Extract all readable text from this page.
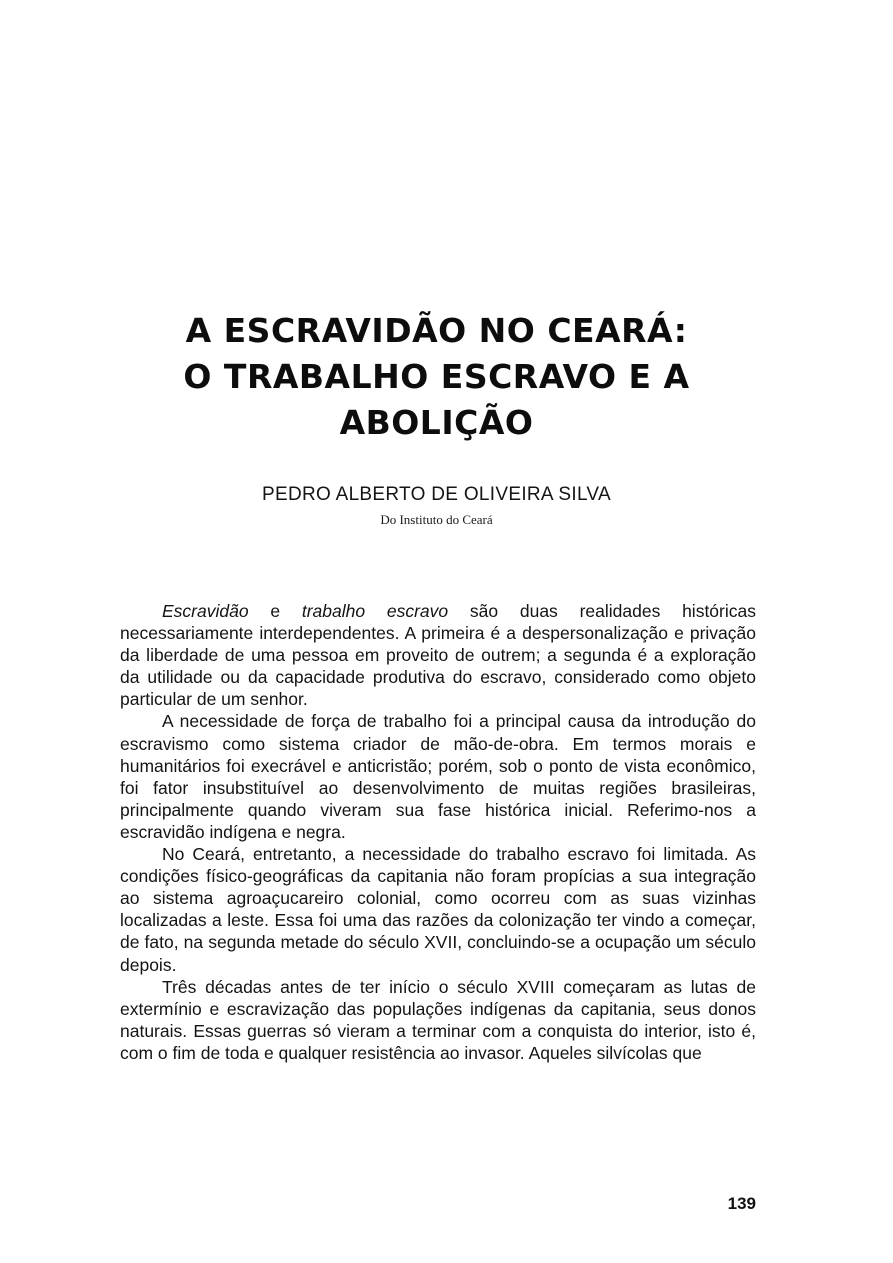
A ESCRAVIDÃO NO CEARÁ:
O TRABALHO ESCRAVO E A
ABOLIÇÃO
PEDRO ALBERTO DE OLIVEIRA SILVA
Do Instituto do Ceará

Escravidão e trabalho escravo são duas realidades históricas necessariamente interdependentes. A primeira é a despersonalização e privação da liberdade de uma pessoa em proveito de outrem; a segunda é a exploração da utilidade ou da capacidade produtiva do escravo, considerado como objeto particular de um senhor.

A necessidade de força de trabalho foi a principal causa da introdução do escravismo como sistema criador de mão-de-obra. Em termos morais e humanitários foi execrável e anticristão; porém, sob o ponto de vista econômico, foi fator insubstituível ao desenvolvimento de muitas regiões brasileiras, principalmente quando viveram sua fase histórica inicial. Referimo-nos a escravidão indígena e negra.

No Ceará, entretanto, a necessidade do trabalho escravo foi limitada. As condições físico-geográficas da capitania não foram propícias a sua integração ao sistema agroaçucareiro colonial, como ocorreu com as suas vizinhas localizadas a leste. Essa foi uma das razões da colonização ter vindo a começar, de fato, na segunda metade do século XVII, concluindo-se a ocupação um século depois.

Três décadas antes de ter início o século XVIII começaram as lutas de extermínio e escravização das populações indígenas da capitania, seus donos naturais. Essas guerras só vieram a terminar com a conquista do interior, isto é, com o fim de toda e qualquer resistência ao invasor. Aqueles silvícolas que

139
